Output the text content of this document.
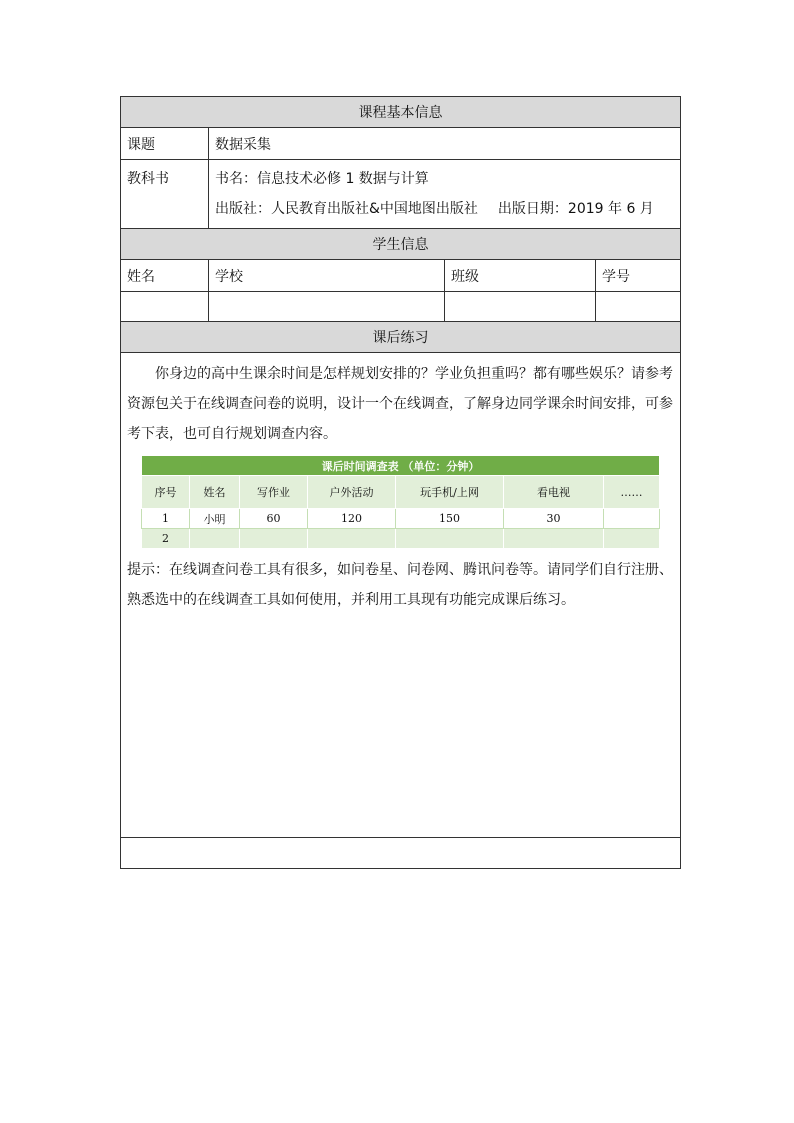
课程基本信息
课题	数据采集

教科书	书名：信息技术必修 1 数据与计算
出版社：人民教育出版社&中国地图出版社 出版日期：2019 年 6 月

学生信息
姓名	学校	班级	学号

课后练习

你身边的高中生课余时间是怎样规划安排的？学业负担重吗？都有哪些娱乐？请参考资源包关于在线调查问卷的说明，设计一个在线调查，了解身边同学课余时间安排，可参考下表，也可自行规划调查内容。

课后时间调查表 （单位：分钟）
序号	姓名	写作业	户外活动	玩手机/上网	看电视	……
1	小明	60	120	150	30	
2						

提示：在线调查问卷工具有很多，如问卷星、问卷网、腾讯问卷等。请同学们自行注册、熟悉选中的在线调查工具如何使用，并利用工具现有功能完成课后练习。
